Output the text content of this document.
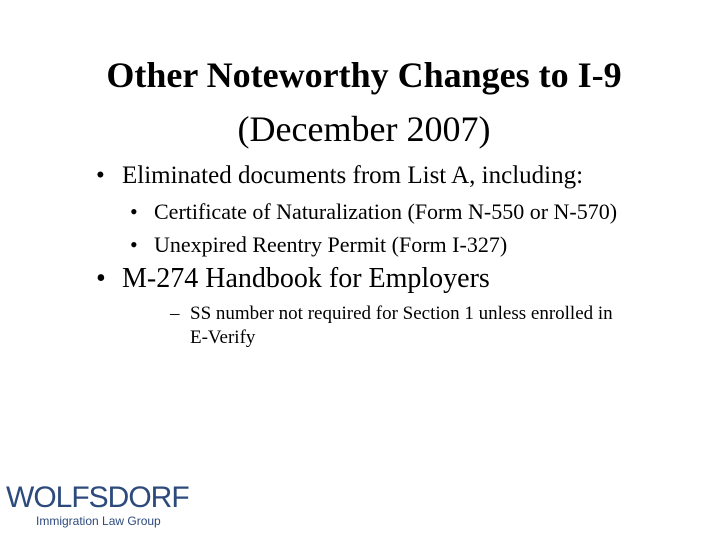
Other Noteworthy Changes to I-9
(December 2007)

• Eliminated documents from List A, including:

• Certificate of Naturalization (Form N-550 or N-570)

• Unexpired Reentry Permit (Form I-327)

• M-274 Handbook for Employers

– SS number not required for Section 1 unless enrolled in E-Verify

WOLFSDORF
Immigration Law Group
